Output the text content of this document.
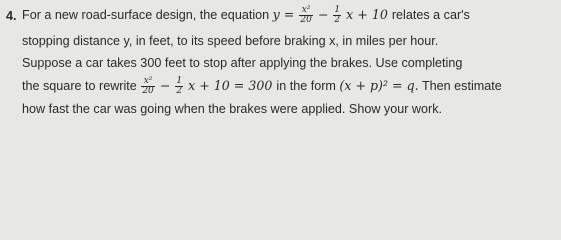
4. For a new road-surface design, the equation $y = \frac{\text{x²}}{20} - \frac{1}{2}$ x + 10 relates a car's
stopping distance y, in feet, to its speed before braking x, in miles per hour.
Suppose a car takes 300 feet to stop after applying the brakes. Use completing
the square to rewrite $\frac{\text{x²}}{20} - \frac{1}{2}$ x + 10 = 300 in the form (x + p)² = q. Then estimate
how fast the car was going when the brakes were applied. Show your work.
